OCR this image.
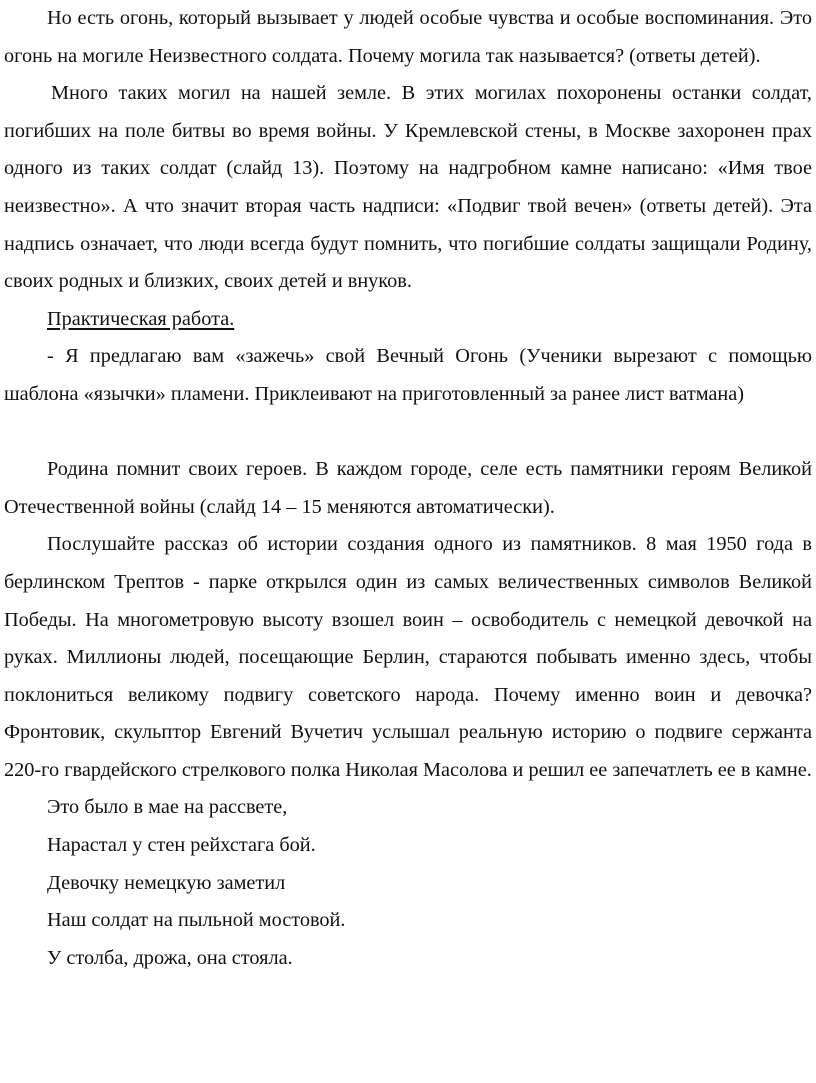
Но есть огонь, который вызывает у людей особые чувства и особые воспоминания. Это огонь на могиле Неизвестного солдата. Почему могила так называется? (ответы детей).

Много таких могил на нашей земле. В этих могилах похоронены останки солдат, погибших на поле битвы во время войны. У Кремлевской стены, в Москве захоронен прах одного из таких солдат (слайд 13). Поэтому на надгробном камне написано: «Имя твое неизвестно». А что значит вторая часть надписи: «Подвиг твой вечен» (ответы детей). Эта надпись означает, что люди всегда будут помнить, что погибшие солдаты защищали Родину, своих родных и близких, своих детей и внуков.

Практическая работа.

- Я предлагаю вам «зажечь» свой Вечный Огонь (Ученики вырезают с помощью шаблона «язычки» пламени. Приклеивают на приготовленный за ранее лист ватмана)

Родина помнит своих героев. В каждом городе, селе есть памятники героям Великой Отечественной войны (слайд 14 – 15 меняются автоматически).

Послушайте рассказ об истории создания одного из памятников. 8 мая 1950 года в берлинском Трептов - парке открылся один из самых величественных символов Великой Победы. На многометровую высоту взошел воин – освободитель с немецкой девочкой на руках. Миллионы людей, посещающие Берлин, стараются побывать именно здесь, чтобы поклониться великому подвигу советского народа. Почему именно воин и девочка? Фронтовик, скульптор Евгений Вучетич услышал реальную историю о подвиге сержанта 220-го гвардейского стрелкового полка Николая Масолова и решил ее запечатлеть ее в камне.

Это было в мае на рассвете,

Нарастал у стен рейхстага бой.

Девочку немецкую заметил

Наш солдат на пыльной мостовой.

У столба, дрожа, она стояла.
